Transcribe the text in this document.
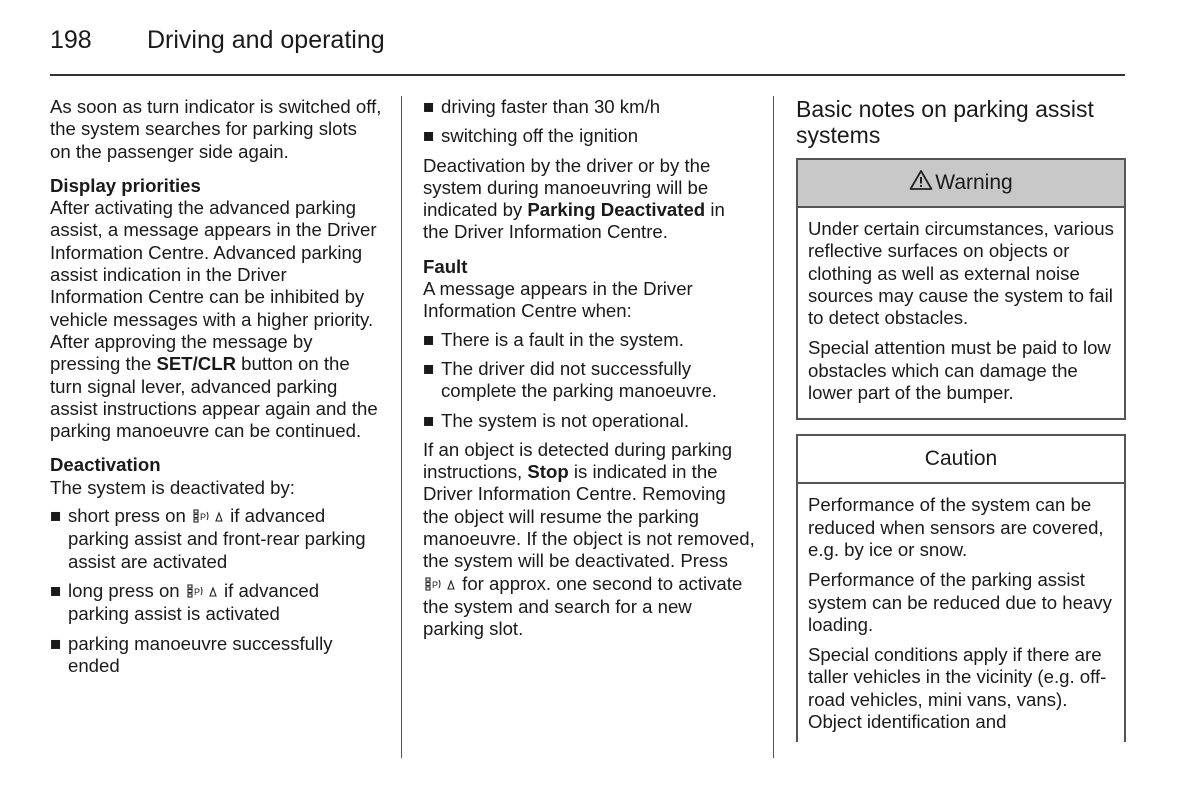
198 Driving and operating

As soon as turn indicator is switched off, the system searches for parking slots on the passenger side again.

Display priorities

After activating the advanced parking assist, a message appears in the Driver Information Centre. Advanced parking assist indication in the Driver Information Centre can be inhibited by vehicle messages with a higher priority. After approving the message by pressing the SET/CLR button on the turn signal lever, advanced parking assist instructions appear again and the parking manoeuvre can be continued.

Deactivation

The system is deactivated by:

■ short press on P if advanced parking assist and front-rear parking assist are activated
■ long press on P if advanced parking assist is activated
■ parking manoeuvre successfully ended
■ driving faster than 30 km/h
■ switching off the ignition

Deactivation by the driver or by the system during manoeuvring will be indicated by Parking Deactivated in the Driver Information Centre.

Fault

A message appears in the Driver Information Centre when:

■ There is a fault in the system.
■ The driver did not successfully complete the parking manoeuvre.
■ The system is not operational.

If an object is detected during parking instructions, Stop is indicated in the Driver Information Centre. Removing the object will resume the parking manoeuvre. If the object is not removed, the system will be deactivated. Press
P for approx. one second to activate the system and search for a new parking slot.

Basic notes on parking assist systems
Warning

Under certain circumstances, various reflective surfaces on objects or clothing as well as external noise sources may cause the system to fail to detect obstacles.

Special attention must be paid to low obstacles which can damage the lower part of the bumper.

Caution

Performance of the system can be reduced when sensors are covered, e.g. by ice or snow.

Performance of the parking assist system can be reduced due to heavy loading.

Special conditions apply if there are taller vehicles in the vicinity (e.g. off-road vehicles, mini vans, vans). Object identification and
